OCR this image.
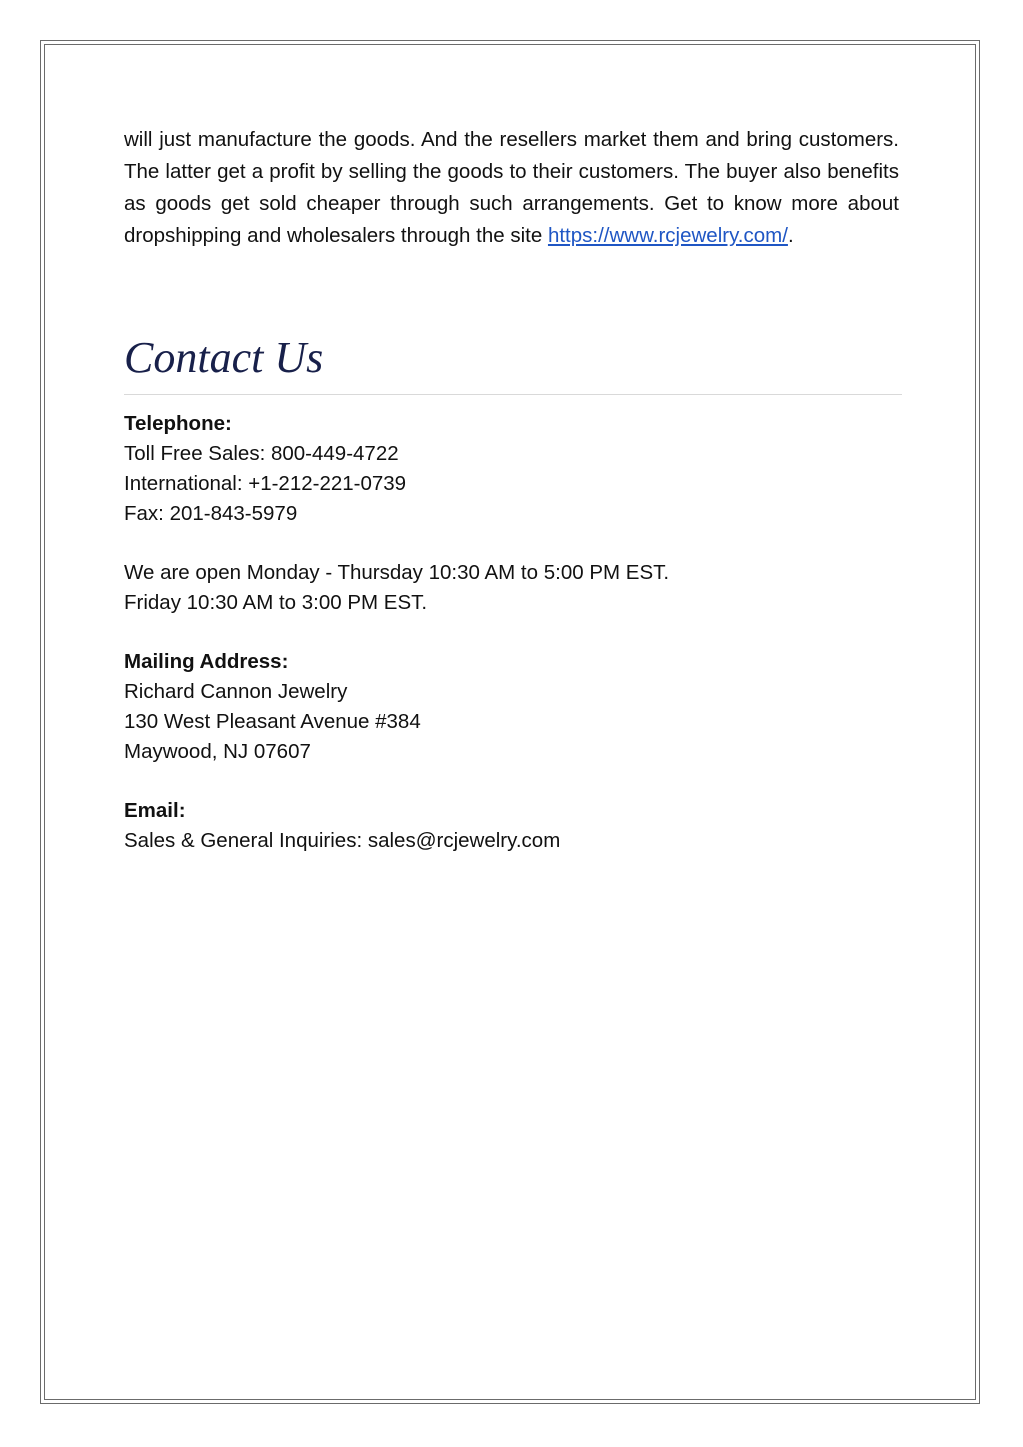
will just manufacture the goods. And the resellers market them and bring customers. The latter get a profit by selling the goods to their customers. The buyer also benefits as goods get sold cheaper through such arrangements. Get to know more about dropshipping and wholesalers through the site https://www.rcjewelry.com/.

Contact Us
Telephone:
Toll Free Sales: 800-449-4722
International: +1-212-221-0739
Fax: 201-843-5979
We are open Monday - Thursday 10:30 AM to 5:00 PM EST.
Friday 10:30 AM to 3:00 PM EST.
Mailing Address:
Richard Cannon Jewelry
130 West Pleasant Avenue #384
Maywood, NJ 07607
Email:
Sales & General Inquiries: sales@rcjewelry.com
